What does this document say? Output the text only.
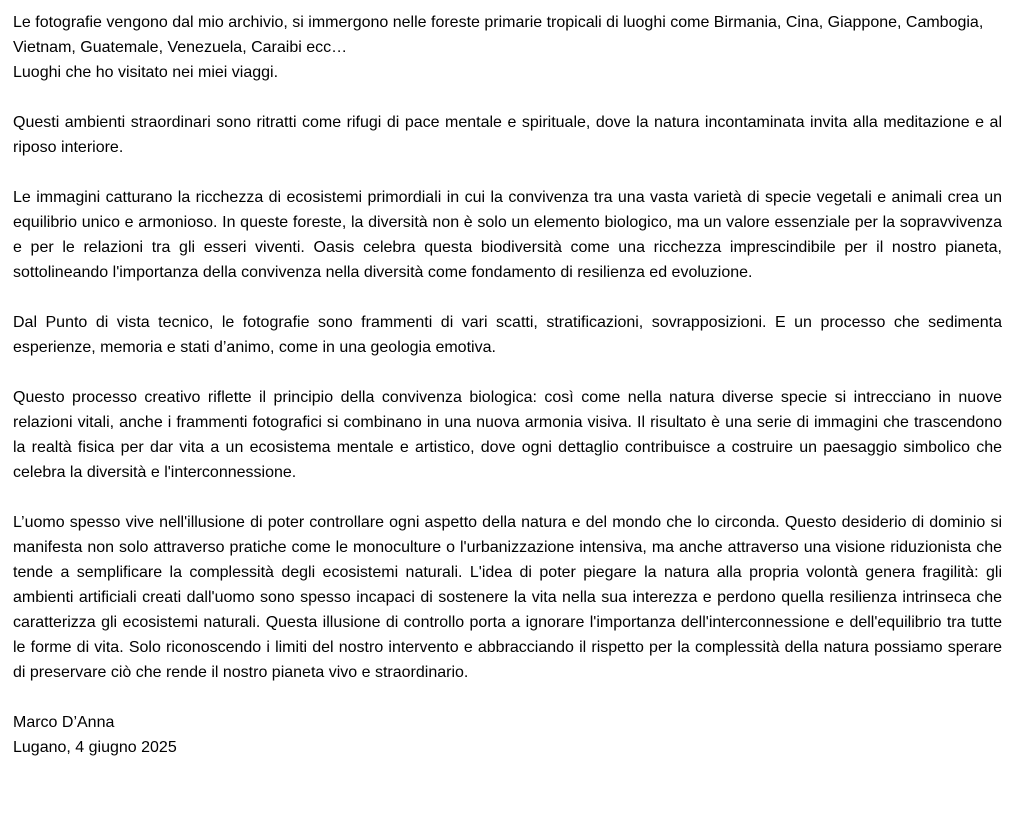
Le fotografie vengono dal mio archivio, si immergono nelle foreste primarie tropicali di luoghi come Birmania, Cina, Giappone, Cambogia, Vietnam, Guatemale, Venezuela, Caraibi ecc…
Luoghi che ho visitato nei miei viaggi.

Questi ambienti straordinari sono ritratti come rifugi di pace mentale e spirituale, dove la natura incontaminata invita alla meditazione e al riposo interiore.

Le immagini catturano la ricchezza di ecosistemi primordiali in cui la convivenza tra una vasta varietà di specie vegetali e animali crea un equilibrio unico e armonioso. In queste foreste, la diversità non è solo un elemento biologico, ma un valore essenziale per la sopravvivenza e per le relazioni tra gli esseri viventi. Oasis celebra questa biodiversità come una ricchezza imprescindibile per il nostro pianeta, sottolineando l'importanza della convivenza nella diversità come fondamento di resilienza ed evoluzione.

Dal Punto di vista tecnico, le fotografie sono frammenti di vari scatti, stratificazioni, sovrapposizioni. E un processo che sedimenta esperienze, memoria e stati d’animo, come in una geologia emotiva.

Questo processo creativo riflette il principio della convivenza biologica: così come nella natura diverse specie si intrecciano in nuove relazioni vitali, anche i frammenti fotografici si combinano in una nuova armonia visiva. Il risultato è una serie di immagini che trascendono la realtà fisica per dar vita a un ecosistema mentale e artistico, dove ogni dettaglio contribuisce a costruire un paesaggio simbolico che celebra la diversità e l'interconnessione.

L’uomo spesso vive nell'illusione di poter controllare ogni aspetto della natura e del mondo che lo circonda. Questo desiderio di dominio si manifesta non solo attraverso pratiche come le monoculture o l'urbanizzazione intensiva, ma anche attraverso una visione riduzionista che tende a semplificare la complessità degli ecosistemi naturali. L'idea di poter piegare la natura alla propria volontà genera fragilità: gli ambienti artificiali creati dall'uomo sono spesso incapaci di sostenere la vita nella sua interezza e perdono quella resilienza intrinseca che caratterizza gli ecosistemi naturali. Questa illusione di controllo porta a ignorare l'importanza dell'interconnessione e dell'equilibrio tra tutte le forme di vita. Solo riconoscendo i limiti del nostro intervento e abbracciando il rispetto per la complessità della natura possiamo sperare di preservare ciò che rende il nostro pianeta vivo e straordinario.

Marco D’Anna
Lugano, 4 giugno 2025
